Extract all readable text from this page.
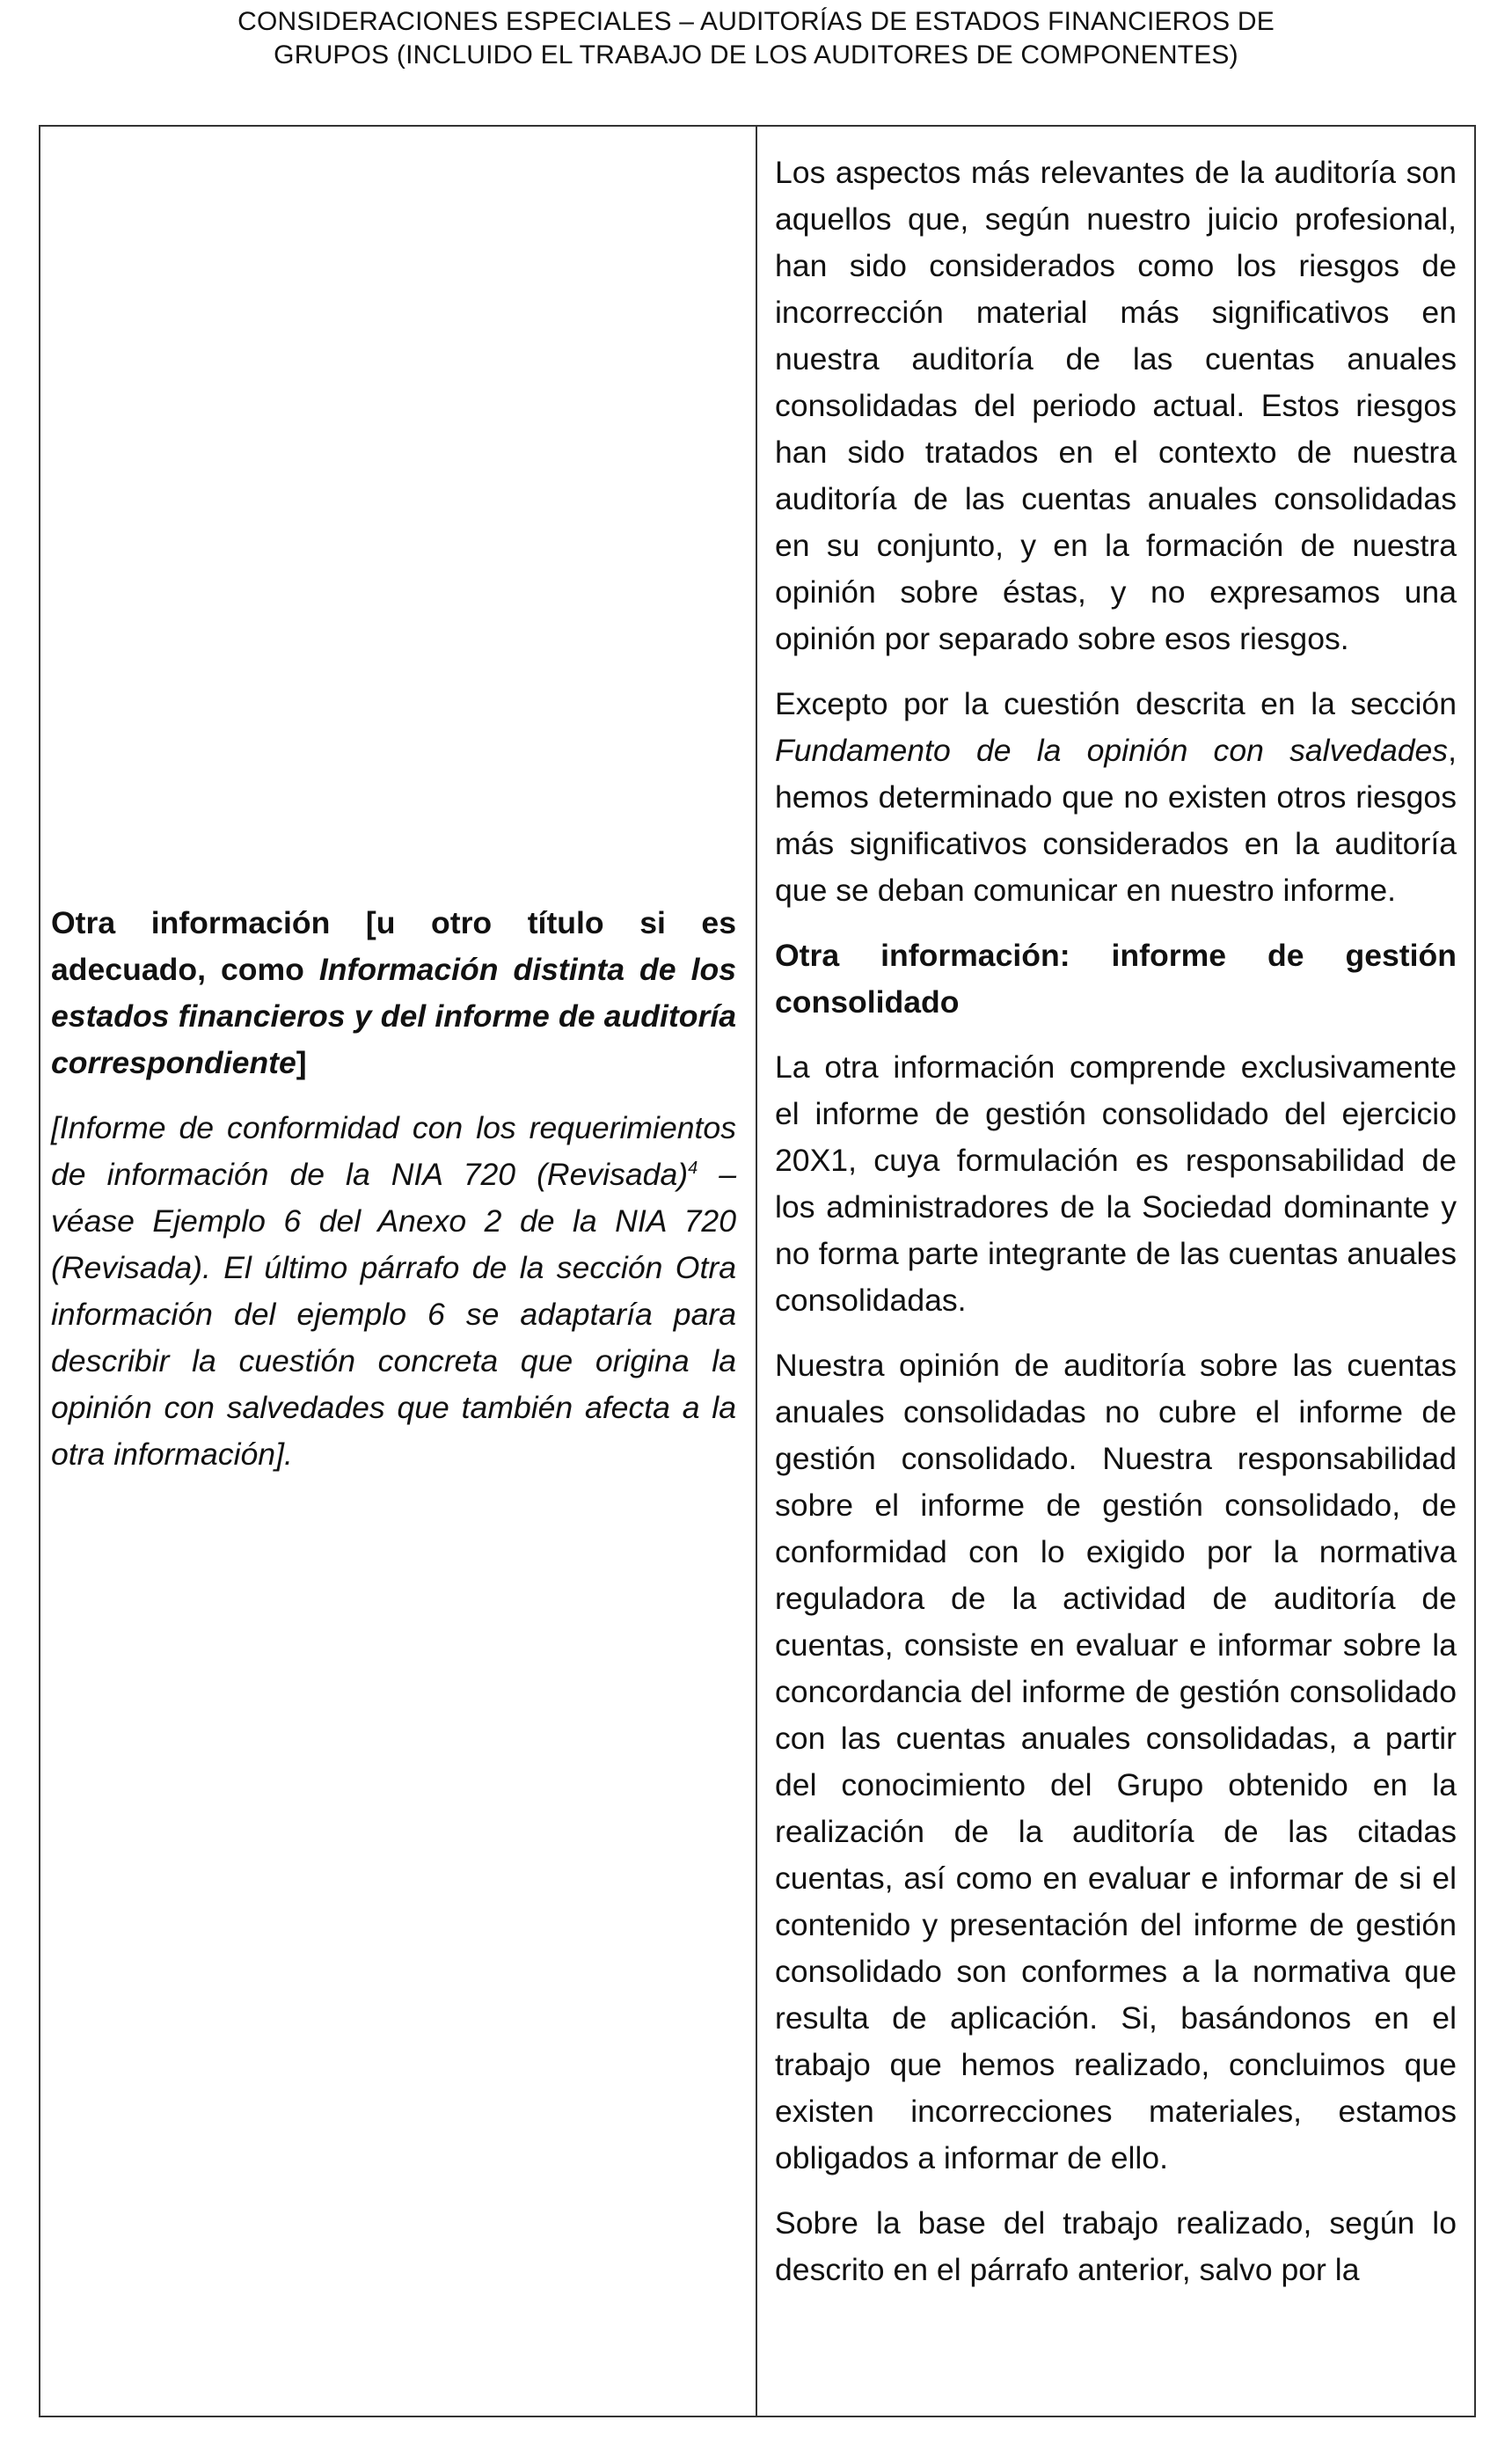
CONSIDERACIONES ESPECIALES – AUDITORÍAS DE ESTADOS FINANCIEROS DE
GRUPOS (INCLUIDO EL TRABAJO DE LOS AUDITORES DE COMPONENTES)

Otra información [u otro título si es adecuado, como Información distinta de los estados financieros y del informe de auditoría correspondiente]

[Informe de conformidad con los requerimientos de información de la NIA 720 (Revisada)$^4$ – véase Ejemplo 6 del Anexo 2 de la NIA 720 (Revisada). El último párrafo de la sección Otra información del ejemplo 6 se adaptaría para describir la cuestión concreta que origina la opinión con salvedades que también afecta a la otra información].

Los aspectos más relevantes de la auditoría son aquellos que, según nuestro juicio profesional, han sido considerados como los riesgos de incorrección material más significativos en nuestra auditoría de las cuentas anuales consolidadas del periodo actual. Estos riesgos han sido tratados en el contexto de nuestra auditoría de las cuentas anuales consolidadas en su conjunto, y en la formación de nuestra opinión sobre éstas, y no expresamos una opinión por separado sobre esos riesgos.

Excepto por la cuestión descrita en la sección Fundamento de la opinión con salvedades, hemos determinado que no existen otros riesgos más significativos considerados en la auditoría que se deban comunicar en nuestro informe.

Otra información: informe de gestión consolidado

La otra información comprende exclusivamente el informe de gestión consolidado del ejercicio 20X1, cuya formulación es responsabilidad de los administradores de la Sociedad dominante y no forma parte integrante de las cuentas anuales consolidadas.

Nuestra opinión de auditoría sobre las cuentas anuales consolidadas no cubre el informe de gestión consolidado. Nuestra responsabilidad sobre el informe de gestión consolidado, de conformidad con lo exigido por la normativa reguladora de la actividad de auditoría de cuentas, consiste en evaluar e informar sobre la concordancia del informe de gestión consolidado con las cuentas anuales consolidadas, a partir del conocimiento del Grupo obtenido en la realización de la auditoría de las citadas cuentas, así como en evaluar e informar de si el contenido y presentación del informe de gestión consolidado son conformes a la normativa que resulta de aplicación. Si, basándonos en el trabajo que hemos realizado, concluimos que existen incorrecciones materiales, estamos obligados a informar de ello.

Sobre la base del trabajo realizado, según lo descrito en el párrafo anterior, salvo por la
